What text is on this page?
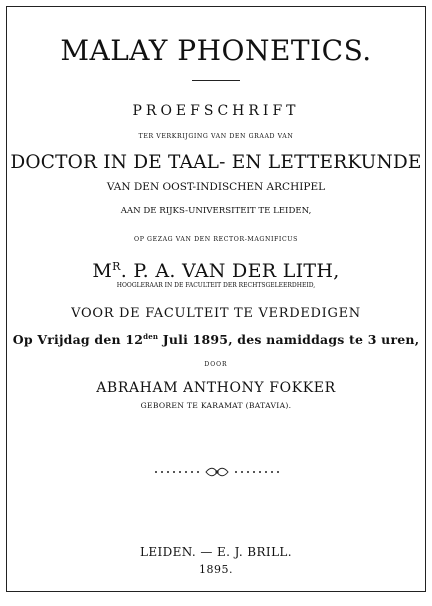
MALAY PHONETICS.
PROEFSCHRIFT
TER VERKRIJGING VAN DEN GRAAD VAN
DOCTOR IN DE TAAL- EN LETTERKUNDE
VAN DEN OOST-INDISCHEN ARCHIPEL
AAN DE RIJKS-UNIVERSITEIT TE LEIDEN,
OP GEZAG VAN DEN RECTOR-MAGNIFICUS
$M^R$. P. A. VAN DER LITH,
HOOGLERAAR IN DE FACULTEIT DER RECHTSGELEERDHEID,
VOOR DE FACULTEIT TE VERDEDIGEN
Op Vrijdag den $12^{den}$ Juli 1895, des namiddags te 3 uren,
DOOR
ABRAHAM ANTHONY FOKKER
GEBOREN TE KARAMAT (BATAVIA).
LEIDEN. — E. J. BRILL.
1895.
